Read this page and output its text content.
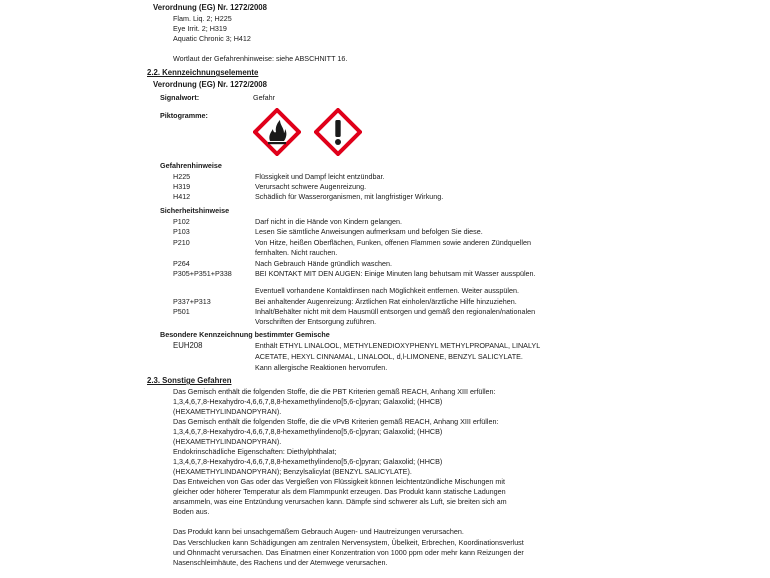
Verordnung (EG) Nr. 1272/2008
Flam. Liq. 2; H225
Eye Irrit. 2; H319
Aquatic Chronic 3; H412
Wortlaut der Gefahrenhinweise: siehe ABSCHNITT 16.
2.2. Kennzeichnungselemente
Verordnung (EG) Nr. 1272/2008
Signalwort:	Gefahr
Piktogramme:
Gefahrenhinweise
H225	Flüssigkeit und Dampf leicht entzündbar.
H319	Verursacht schwere Augenreizung.
H412	Schädlich für Wasserorganismen, mit langfristiger Wirkung.
Sicherheitshinweise
P102	Darf nicht in die Hände von Kindern gelangen.
P103	Lesen Sie sämtliche Anweisungen aufmerksam und befolgen Sie diese.
P210	Von Hitze, heißen Oberflächen, Funken, offenen Flammen sowie anderen Zündquellen
fernhalten. Nicht rauchen.
P264	Nach Gebrauch Hände gründlich waschen.
P305+P351+P338	BEI KONTAKT MIT DEN AUGEN: Einige Minuten lang behutsam mit Wasser ausspülen.
Eventuell vorhandene Kontaktlinsen nach Möglichkeit entfernen. Weiter ausspülen.
P337+P313	Bei anhaltender Augenreizung: Ärztlichen Rat einholen/ärztliche Hilfe hinzuziehen.
P501	Inhalt/Behälter nicht mit dem Hausmüll entsorgen und gemäß den regionalen/nationalen
Vorschriften der Entsorgung zuführen.
Besondere Kennzeichnung bestimmter Gemische
EUH208	Enthält ETHYL LINALOOL, METHYLENEDIOXYPHENYL METHYLPROPANAL, LINALYL
ACETATE, HEXYL CINNAMAL, LINALOOL, d,l-LIMONENE, BENZYL SALICYLATE.
Kann allergische Reaktionen hervorrufen.
2.3. Sonstige Gefahren
Das Gemisch enthält die folgenden Stoffe, die die PBT Kriterien gemäß REACH, Anhang XIII erfüllen:
1,3,4,6,7,8-Hexahydro-4,6,6,7,8,8-hexamethylindeno[5,6-c]pyran; Galaxolid; (HHCB)
(HEXAMETHYLINDANOPYRAN).
Das Gemisch enthält die folgenden Stoffe, die die vPvB Kriterien gemäß REACH, Anhang XIII erfüllen:
1,3,4,6,7,8-Hexahydro-4,6,6,7,8,8-hexamethylindeno[5,6-c]pyran; Galaxolid; (HHCB)
(HEXAMETHYLINDANOPYRAN).
Endokrinschädliche Eigenschaften: Diethylphthalat;
1,3,4,6,7,8-Hexahydro-4,6,6,7,8,8-hexamethylindeno[5,6-c]pyran; Galaxolid; (HHCB)
(HEXAMETHYLINDANOPYRAN); Benzylsalicylat (BENZYL SALICYLATE).
Das Entweichen von Gas oder das Vergießen von Flüssigkeit können leichtentzündliche Mischungen mit
gleicher oder höherer Temperatur als dem Flammpunkt erzeugen. Das Produkt kann statische Ladungen
ansammeln, was eine Entzündung verursachen kann. Dämpfe sind schwerer als Luft, sie breiten sich am
Boden aus.
Das Produkt kann bei unsachgemäßem Gebrauch Augen- und Hautreizungen verursachen.
Das Verschlucken kann Schädigungen am zentralen Nervensystem, Übelkeit, Erbrechen, Koordinationsverlust
und Ohnmacht verursachen. Das Einatmen einer Konzentration von 1000 ppm oder mehr kann Reizungen der
Nasenschleimhäute, des Rachens und der Atemwege verursachen.
